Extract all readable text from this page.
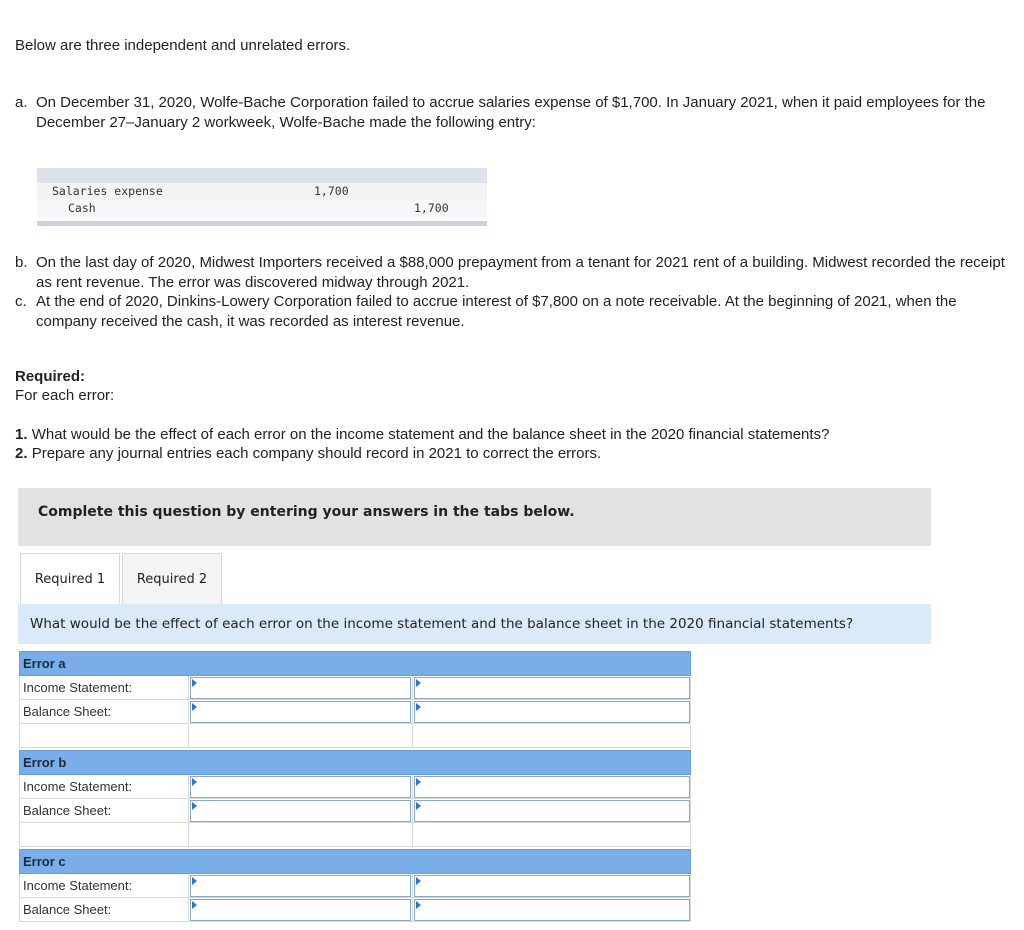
Below are three independent and unrelated errors.
a. On December 31, 2020, Wolfe-Bache Corporation failed to accrue salaries expense of $1,700. In January 2021, when it paid employees for the December 27–January 2 workweek, Wolfe-Bache made the following entry:
Salaries expense	1,700
Cash	1,700
b. On the last day of 2020, Midwest Importers received a $88,000 prepayment from a tenant for 2021 rent of a building. Midwest recorded the receipt as rent revenue. The error was discovered midway through 2021.
c. At the end of 2020, Dinkins-Lowery Corporation failed to accrue interest of $7,800 on a note receivable. At the beginning of 2021, when the company received the cash, it was recorded as interest revenue.
Required:
For each error:
1. What would be the effect of each error on the income statement and the balance sheet in the 2020 financial statements?
2. Prepare any journal entries each company should record in 2021 to correct the errors.
Complete this question by entering your answers in the tabs below.
Required 1	Required 2
What would be the effect of each error on the income statement and the balance sheet in the 2020 financial statements?
Error a
Income Statement:
Balance Sheet:
Error b
Income Statement:
Balance Sheet:
Error c
Income Statement:
Balance Sheet:
